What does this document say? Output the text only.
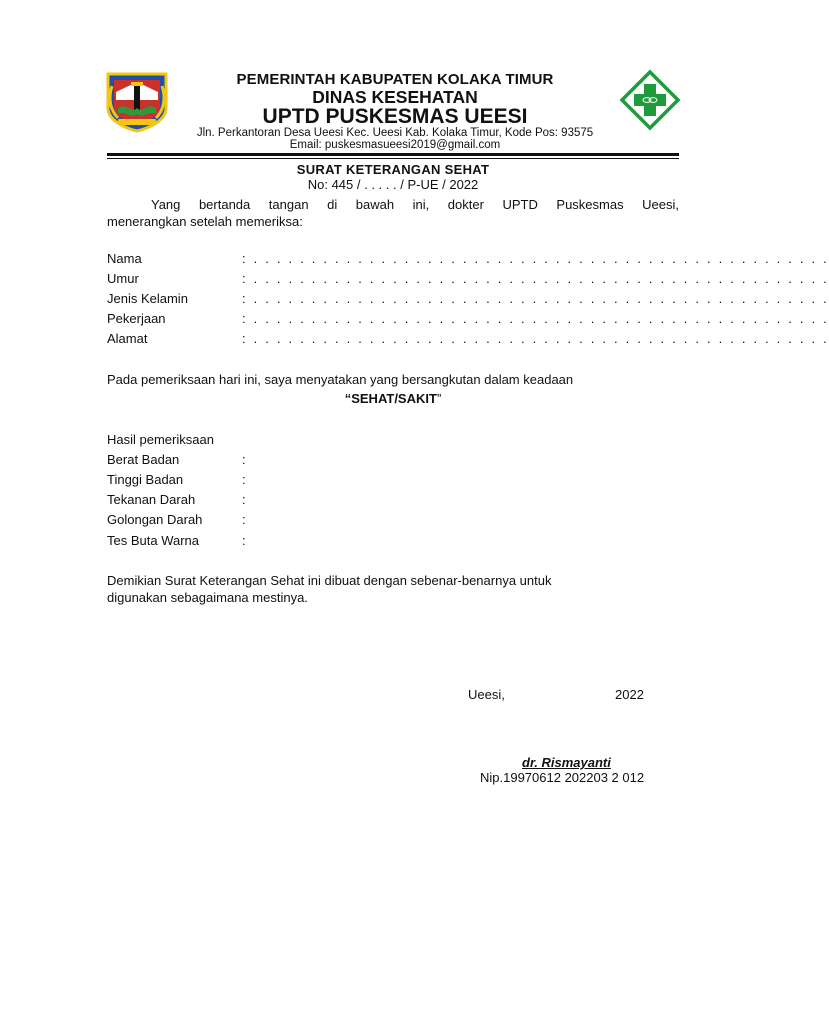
PEMERINTAH KABUPATEN KOLAKA TIMUR
DINAS KESEHATAN
UPTD PUSKESMAS UEESI
Jln. Perkantoran Desa Ueesi Kec. Ueesi Kab. Kolaka Timur, Kode Pos: 93575
Email: puskesmasueesi2019@gmail.com
SURAT KETERANGAN SEHAT
No: 445 / . . . . . / P-UE / 2022
Yang bertanda tangan di bawah ini, dokter UPTD Puskesmas Ueesi,
menerangkan setelah memeriksa:
Nama	: . . . . . . . . . . . . . . . . . . . . . . . . . . . . . . . . . . . . . . . . . . . . . . . . . .
Umur	: . . . . . . . . . . . . . . . . . . . . . . . . . . . . . . . . . . . . . . . . . . . . . . . . . .
Jenis Kelamin	: . . . . . . . . . . . . . . . . . . . . . . . . . . . . . . . . . . . . . . . . . . . . . . . . . .
Pekerjaan	: . . . . . . . . . . . . . . . . . . . . . . . . . . . . . . . . . . . . . . . . . . . . . . . . . .
Alamat	: . . . . . . . . . . . . . . . . . . . . . . . . . . . . . . . . . . . . . . . . . . . . . . . . . .
Pada pemeriksaan hari ini, saya menyatakan yang bersangkutan dalam keadaan
“SEHAT/SAKIT”
Hasil pemeriksaan
Berat Badan	:
Tinggi Badan	:
Tekanan Darah	:
Golongan Darah	:
Tes Buta Warna	:
Demikian Surat Keterangan Sehat ini dibuat dengan sebenar-benarnya untuk
digunakan sebagaimana mestinya.
Ueesi,	2022
dr. Rismayanti
Nip.19970612 202203 2 012
